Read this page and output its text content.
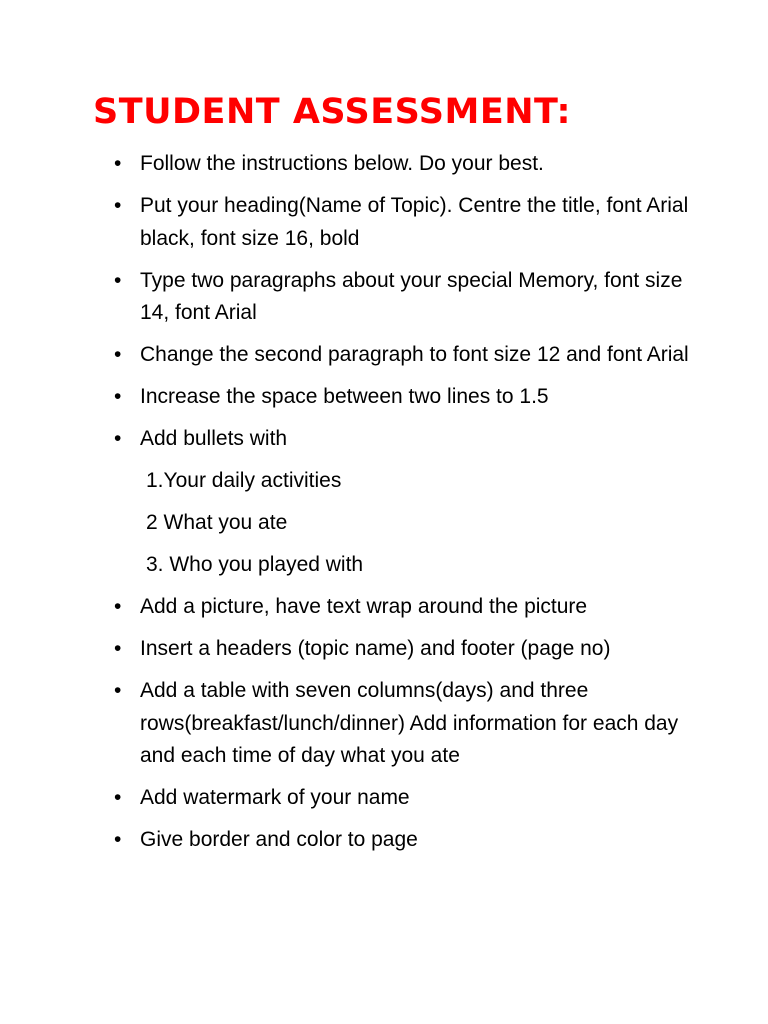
STUDENT ASSESSMENT:
• Follow the instructions below. Do your best.
• Put your heading(Name of Topic). Centre the title, font Arial black, font size 16, bold
• Type two paragraphs about your special Memory, font size 14, font Arial
• Change the second paragraph to font size 12 and font Arial
• Increase the space between two lines to 1.5
• Add bullets with
1.Your daily activities
2 What you ate
3. Who you played with
• Add a picture, have text wrap around the picture
• Insert a headers (topic name) and footer (page no)
• Add a table with seven columns(days) and three rows(breakfast/lunch/dinner) Add information for each day and each time of day what you ate
• Add watermark of your name
• Give border and color to page
